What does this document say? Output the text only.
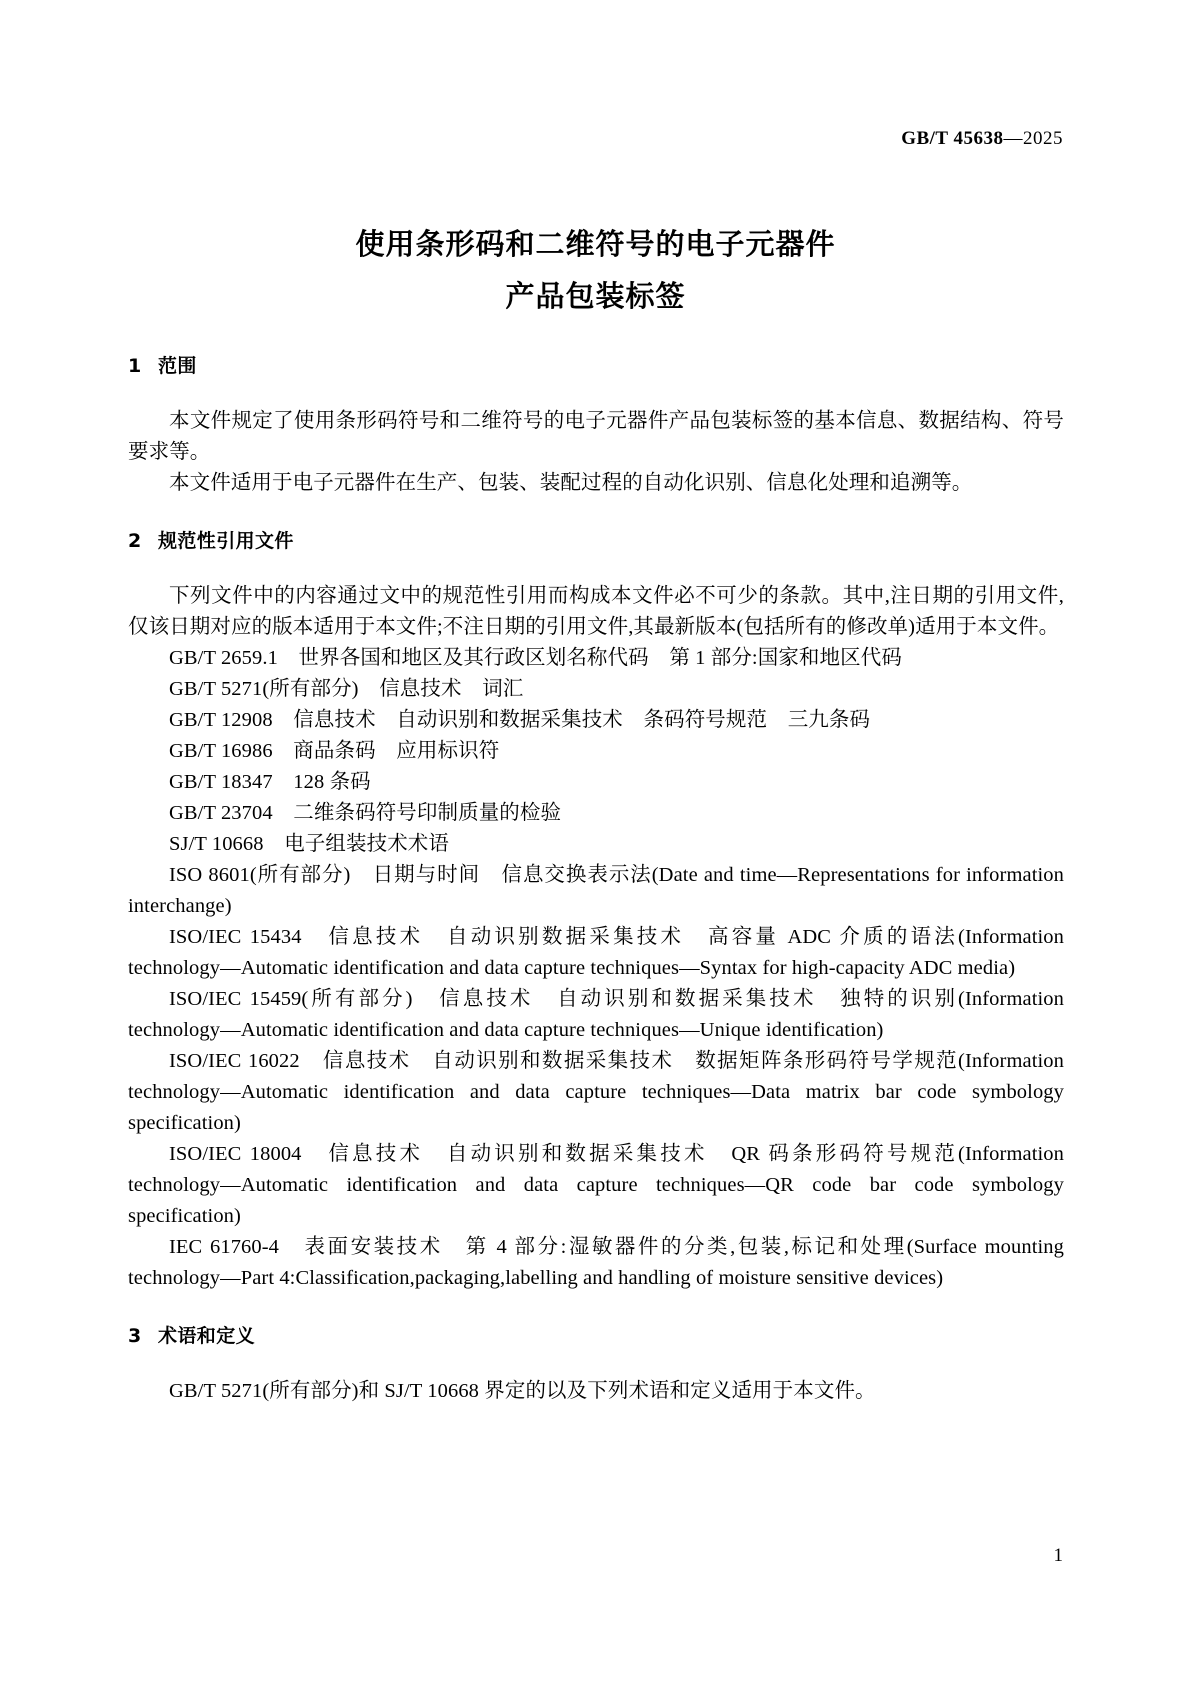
GB/T 45638—2025
使用条形码和二维符号的电子元器件
产品包装标签
1 范围

本文件规定了使用条形码符号和二维符号的电子元器件产品包装标签的基本信息、数据结构、符号要求等。

本文件适用于电子元器件在生产、包装、装配过程的自动化识别、信息化处理和追溯等。

2 规范性引用文件

下列文件中的内容通过文中的规范性引用而构成本文件必不可少的条款。其中,注日期的引用文件,仅该日期对应的版本适用于本文件;不注日期的引用文件,其最新版本(包括所有的修改单)适用于本文件。

GB/T 2659.1　世界各国和地区及其行政区划名称代码　第 1 部分:国家和地区代码

GB/T 5271(所有部分)　信息技术　词汇

GB/T 12908　信息技术　自动识别和数据采集技术　条码符号规范　三九条码

GB/T 16986　商品条码　应用标识符

GB/T 18347　128 条码

GB/T 23704　二维条码符号印制质量的检验

SJ/T 10668　电子组装技术术语

ISO 8601(所有部分)　日期与时间　信息交换表示法(Date and time—Representations for information interchange)

ISO/IEC 15434　信息技术　自动识别数据采集技术　高容量 ADC 介质的语法(Information technology—Automatic identification and data capture techniques—Syntax for high-capacity ADC media)

ISO/IEC 15459(所有部分)　信息技术　自动识别和数据采集技术　独特的识别(Information technology—Automatic identification and data capture techniques—Unique identification)

ISO/IEC 16022　信息技术　自动识别和数据采集技术　数据矩阵条形码符号学规范(Information technology—Automatic identification and data capture techniques—Data matrix bar code symbology specification)

ISO/IEC 18004　信息技术　自动识别和数据采集技术　QR 码条形码符号规范(Information technology—Automatic identification and data capture techniques—QR code bar code symbology specification)

IEC 61760-4　表面安装技术　第 4 部分:湿敏器件的分类,包装,标记和处理(Surface mounting technology—Part 4:Classification,packaging,labelling and handling of moisture sensitive devices)

3 术语和定义

GB/T 5271(所有部分)和 SJ/T 10668 界定的以及下列术语和定义适用于本文件。

1
